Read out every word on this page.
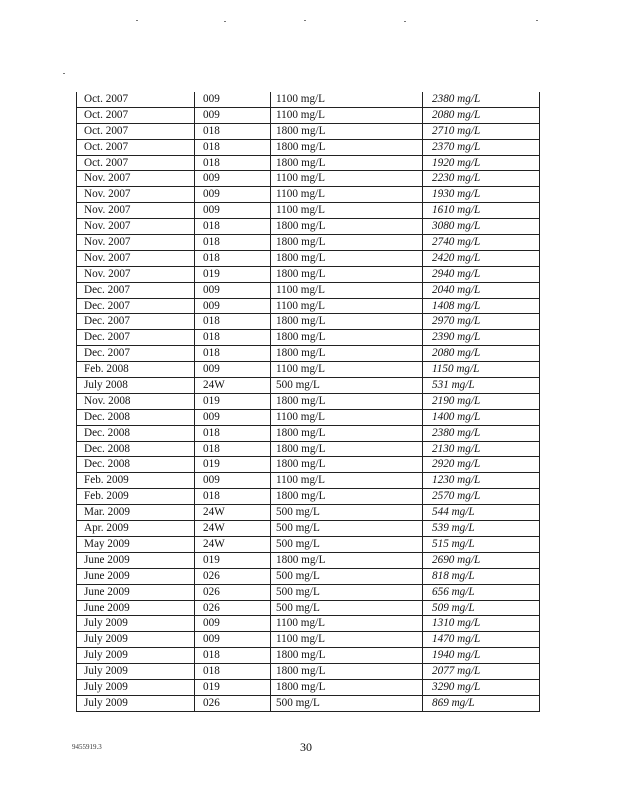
Oct. 2007	009	1100 mg/L	2380 mg/L
Oct. 2007	009	1100 mg/L	2080 mg/L
Oct. 2007	018	1800 mg/L	2710 mg/L
Oct. 2007	018	1800 mg/L	2370 mg/L
Oct. 2007	018	1800 mg/L	1920 mg/L
Nov. 2007	009	1100 mg/L	2230 mg/L
Nov. 2007	009	1100 mg/L	1930 mg/L
Nov. 2007	009	1100 mg/L	1610 mg/L
Nov. 2007	018	1800 mg/L	3080 mg/L
Nov. 2007	018	1800 mg/L	2740 mg/L
Nov. 2007	018	1800 mg/L	2420 mg/L
Nov. 2007	019	1800 mg/L	2940 mg/L
Dec. 2007	009	1100 mg/L	2040 mg/L
Dec. 2007	009	1100 mg/L	1408 mg/L
Dec. 2007	018	1800 mg/L	2970 mg/L
Dec. 2007	018	1800 mg/L	2390 mg/L
Dec. 2007	018	1800 mg/L	2080 mg/L
Feb. 2008	009	1100 mg/L	1150 mg/L
July 2008	24W	500 mg/L	531 mg/L
Nov. 2008	019	1800 mg/L	2190 mg/L
Dec. 2008	009	1100 mg/L	1400 mg/L
Dec. 2008	018	1800 mg/L	2380 mg/L
Dec. 2008	018	1800 mg/L	2130 mg/L
Dec. 2008	019	1800 mg/L	2920 mg/L
Feb. 2009	009	1100 mg/L	1230 mg/L
Feb. 2009	018	1800 mg/L	2570 mg/L
Mar. 2009	24W	500 mg/L	544 mg/L
Apr. 2009	24W	500 mg/L	539 mg/L
May 2009	24W	500 mg/L	515 mg/L
June 2009	019	1800 mg/L	2690 mg/L
June 2009	026	500 mg/L	818 mg/L
June 2009	026	500 mg/L	656 mg/L
June 2009	026	500 mg/L	509 mg/L
July 2009	009	1100 mg/L	1310 mg/L
July 2009	009	1100 mg/L	1470 mg/L
July 2009	018	1800 mg/L	1940 mg/L
July 2009	018	1800 mg/L	2077 mg/L
July 2009	019	1800 mg/L	3290 mg/L
July 2009	026	500 mg/L	869 mg/L
9455919.3	30
